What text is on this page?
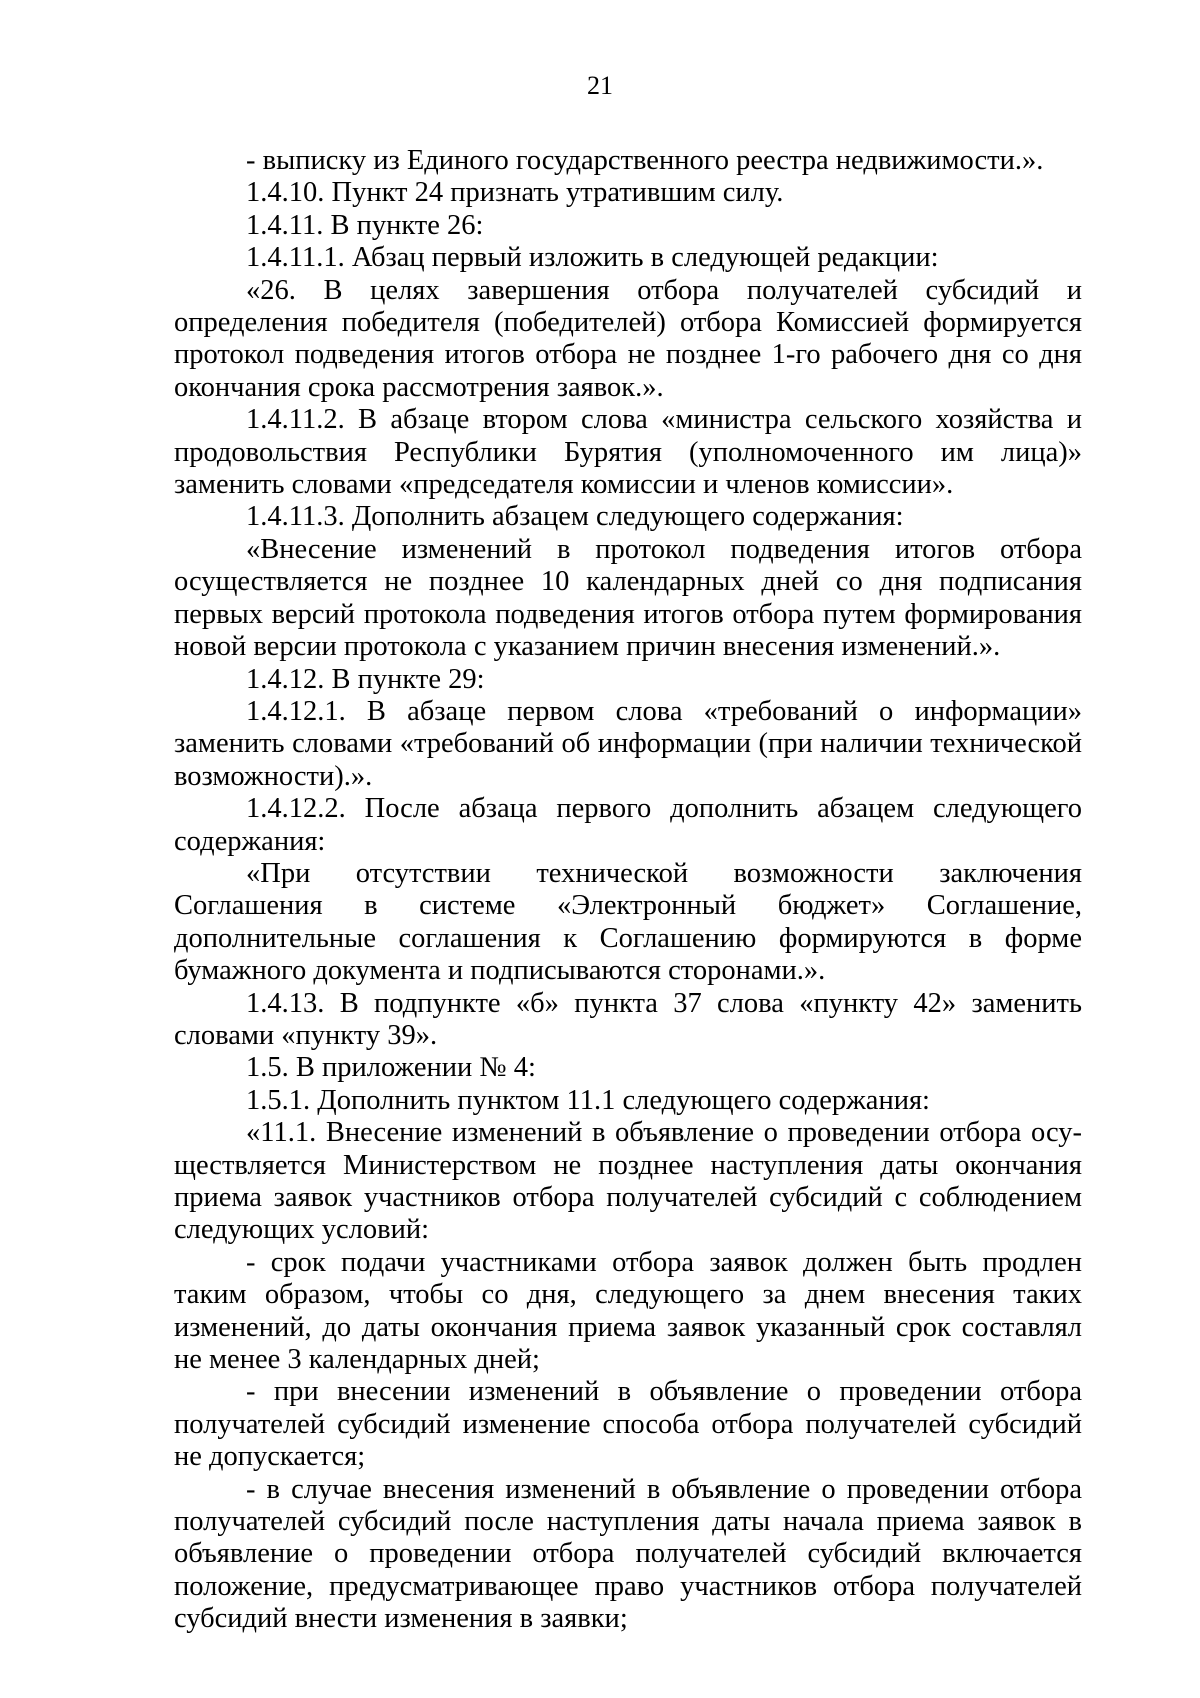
21

- выписку из Единого государственного реестра недвижимости.».

1.4.10. Пункт 24 признать утратившим силу.

1.4.11. В пункте 26:

1.4.11.1. Абзац первый изложить в следующей редакции:

«26. В целях завершения отбора получателей субсидий и определения победителя (победителей) отбора Комиссией формируется протокол подведения итогов отбора не позднее 1-го рабочего дня со дня окончания срока рассмотрения заявок.».

1.4.11.2. В абзаце втором слова «министра сельского хозяйства и продовольствия Республики Бурятия (уполномоченного им лица)» заменить словами «председателя комиссии и членов комиссии».

1.4.11.3. Дополнить абзацем следующего содержания:

«Внесение изменений в протокол подведения итогов отбора осуществляется не позднее 10 календарных дней со дня подписания первых версий протокола подведения итогов отбора путем формирования новой версии протокола с указанием причин внесения изменений.».

1.4.12. В пункте 29:

1.4.12.1. В абзаце первом слова «требований о информации» заменить словами «требований об информации (при наличии технической возможности).».

1.4.12.2. После абзаца первого дополнить абзацем следующего содержания:

«При отсутствии технической возможности заключения Соглашения в системе «Электронный бюджет» Соглашение, дополнительные соглашения к Соглашению формируются в форме бумажного документа и подписываются сторонами.».

1.4.13. В подпункте «б» пункта 37 слова «пункту 42» заменить словами «пункту 39».

1.5. В приложении № 4:

1.5.1. Дополнить пунктом 11.1 следующего содержания:

«11.1. Внесение изменений в объявление о проведении отбора осуществляется Министерством не позднее наступления даты окончания приема заявок участников отбора получателей субсидий с соблюдением следующих условий:

- срок подачи участниками отбора заявок должен быть продлен таким образом, чтобы со дня, следующего за днем внесения таких изменений, до даты окончания приема заявок указанный срок составлял не менее 3 календарных дней;

- при внесении изменений в объявление о проведении отбора получателей субсидий изменение способа отбора получателей субсидий не допускается;

- в случае внесения изменений в объявление о проведении отбора получателей субсидий после наступления даты начала приема заявок в объявление о проведении отбора получателей субсидий включается положение, предусматривающее право участников отбора получателей субсидий внести изменения в заявки;
